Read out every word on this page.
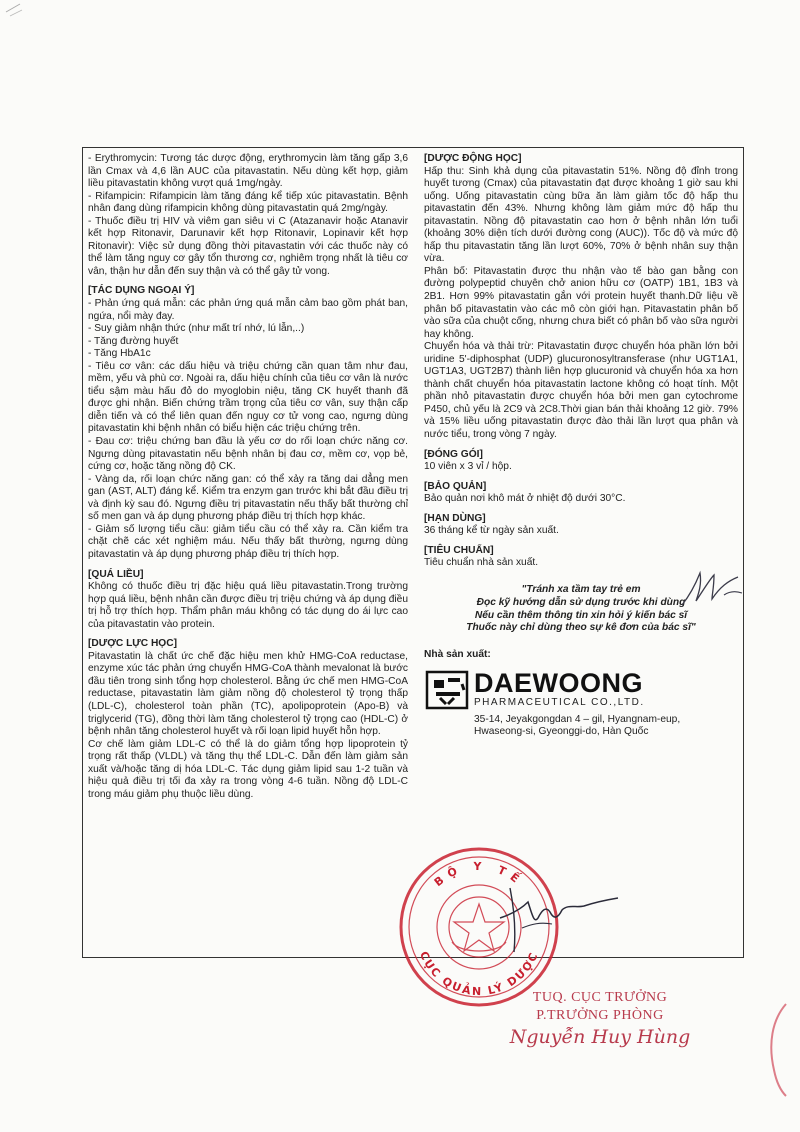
- Erythromycin: Tương tác dược động, erythromycin làm tăng gấp 3,6 lần Cmax và 4,6 lần AUC của pitavastatin. Nếu dùng kết hợp, giảm liều pitavastatin không vượt quá 1mg/ngày.

- Rifampicin: Rifampicin làm tăng đáng kể tiếp xúc pitavastatin. Bệnh nhân đang dùng rifampicin không dùng pitavastatin quá 2mg/ngày.

- Thuốc điều trị HIV và viêm gan siêu vi C (Atazanavir hoặc Atanavir kết hợp Ritonavir, Darunavir kết hợp Ritonavir, Lopinavir kết hợp Ritonavir): Việc sử dụng đồng thời pitavastatin với các thuốc này có thể làm tăng nguy cơ gây tổn thương cơ, nghiêm trọng nhất là tiêu cơ vân, thận hư dẫn đến suy thận và có thể gây tử vong.

[TÁC DỤNG NGOẠI Ý]

- Phản ứng quá mẫn: các phản ứng quá mẫn cảm bao gồm phát ban, ngứa, nổi mày đay.

- Suy giảm nhận thức (như mất trí nhớ, lú lẫn,..)

- Tăng đường huyết

- Tăng HbA1c

- Tiêu cơ vân: các dấu hiệu và triệu chứng cần quan tâm như đau, mềm, yếu và phù cơ. Ngoài ra, dấu hiệu chính của tiêu cơ vân là nước tiểu sậm màu hấu đỏ do myoglobin niệu, tăng CK huyết thanh đã được ghi nhận. Biến chứng trầm trọng của tiêu cơ vân, suy thận cấp diễn tiến và có thể liên quan đến nguy cơ tử vong cao, ngưng dùng pitavastatin khi bệnh nhân có biểu hiện các triệu chứng trên.

- Đau cơ: triệu chứng ban đầu là yếu cơ do rối loạn chức năng cơ. Ngưng dùng pitavastatin nếu bệnh nhân bị đau cơ, mềm cơ, vọp bẻ, cứng cơ, hoặc tăng nồng độ CK.

- Vàng da, rối loạn chức năng gan: có thể xảy ra tăng dai dẳng men gan (AST, ALT) đáng kể. Kiểm tra enzym gan trước khi bắt đầu điều trị và định kỳ sau đó. Ngưng điều trị pitavastatin nếu thấy bất thường chỉ số men gan và áp dụng phương pháp điều trị thích hợp khác.

- Giảm số lượng tiểu cầu: giảm tiểu cầu có thể xảy ra. Cần kiểm tra chặt chẽ các xét nghiệm máu. Nếu thấy bất thường, ngưng dùng pitavastatin và áp dụng phương pháp điều trị thích hợp.

[QUÁ LIỀU]

Không có thuốc điều trị đặc hiệu quá liều pitavastatin.Trong trường hợp quá liều, bệnh nhân cần được điều trị triệu chứng và áp dụng điều trị hỗ trợ thích hợp. Thẩm phân máu không có tác dụng do ái lực cao của pitavastatin vào protein.

[DƯỢC LỰC HỌC]

Pitavastatin là chất ức chế đặc hiệu men khử HMG-CoA reductase, enzyme xúc tác phản ứng chuyển HMG-CoA thành mevalonat là bước đầu tiên trong sinh tổng hợp cholesterol. Bằng ức chế men HMG-CoA reductase, pitavastatin làm giảm nồng độ cholesterol tỷ trọng thấp (LDL-C), cholesterol toàn phần (TC), apolipoprotein (Apo-B) và triglycerid (TG), đồng thời làm tăng cholesterol tỷ trọng cao (HDL-C) ở bệnh nhân tăng cholesterol huyết và rối loạn lipid huyết hỗn hợp.

Cơ chế làm giảm LDL-C có thể là do giảm tổng hợp lipoprotein tỷ trọng rất thấp (VLDL) và tăng thụ thể LDL-C. Dẫn đến làm giảm sản xuất và/hoặc tăng dị hóa LDL-C. Tác dụng giảm lipid sau 1-2 tuần và hiệu quả điều trị tối đa xảy ra trong vòng 4-6 tuần. Nồng độ LDL-C trong máu giảm phụ thuộc liều dùng.

[DƯỢC ĐỘNG HỌC]

Hấp thu: Sinh khả dụng của pitavastatin 51%. Nồng độ đỉnh trong huyết tương (Cmax) của pitavastatin đạt được khoảng 1 giờ sau khi uống. Uống pitavastatin cùng bữa ăn làm giảm tốc độ hấp thu pitavastatin đến 43%. Nhưng không làm giảm mức độ hấp thu pitavastatin. Nồng độ pitavastatin cao hơn ở bệnh nhân lớn tuổi (khoảng 30% diện tích dưới đường cong (AUC)). Tốc độ và mức độ hấp thu pitavastatin tăng lần lượt 60%, 70% ở bệnh nhân suy thận vừa.

Phân bố: Pitavastatin được thu nhận vào tế bào gan bằng con đường polypeptid chuyên chở anion hữu cơ (OATP) 1B1, 1B3 và 2B1. Hơn 99% pitavastatin gắn với protein huyết thanh.Dữ liệu về phân bố pitavastatin vào các mô còn giới hạn. Pitavastatin phân bố vào sữa của chuột cống, nhưng chưa biết có phân bố vào sữa người hay không.

Chuyển hóa và thải trừ: Pitavastatin được chuyển hóa phần lớn bởi uridine 5'-diphosphat (UDP) glucuronosyltransferase (như UGT1A1, UGT1A3, UGT2B7) thành liên hợp glucuronid và chuyển hóa xa hơn thành chất chuyển hóa pitavastatin lactone không có hoạt tính. Một phần nhỏ pitavastatin được chuyển hóa bởi men gan cytochrome P450, chủ yếu là 2C9 và 2C8.Thời gian bán thải khoảng 12 giờ. 79% và 15% liều uống pitavastatin được đào thải lần lượt qua phân và nước tiểu, trong vòng 7 ngày.

[ĐÓNG GÓI]

10 viên x 3 vỉ / hộp.

[BẢO QUẢN]

Bảo quản nơi khô mát ở nhiệt độ dưới 30°C.

[HẠN DÙNG]

36 tháng kể từ ngày sản xuất.

[TIÊU CHUẨN]

Tiêu chuẩn nhà sản xuất.

"Tránh xa tầm tay trẻ em
Đọc kỹ hướng dẫn sử dụng trước khi dùng
Nếu cần thêm thông tin xin hỏi ý kiến bác sĩ
Thuốc này chỉ dùng theo sự kê đơn của bác sĩ"

Nhà sản xuất:

DAEWOONG
PHARMACEUTICAL CO.,LTD.
35-14, Jeyakgongdan 4 – gil, Hyangnam-eup,
Hwaseong-si, Gyeonggi-do, Hàn Quốc
BỘ Y TẾ
CỤC QUẢN LÝ DƯỢC
TUQ. CỤC TRƯỞNG
P.TRƯỞNG PHÒNG
Nguyễn Huy Hùng
